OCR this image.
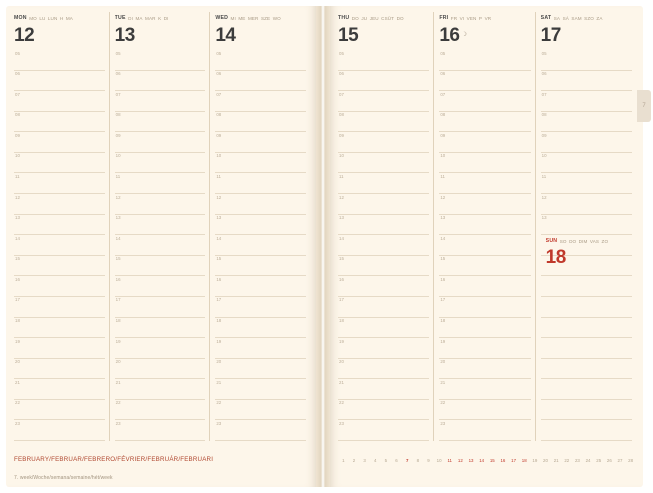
7
MON MO LU LUN H MA
12
05
06
07
08
09
10
11
12
13
14
15
16
17
18
19
20
21
22
23
TUE DI MA MAR K DI
13
05
06
07
08
09
10
11
12
13
14
15
16
17
18
19
20
21
22
23
WED MI ME MER SZE WO
14
05
06
07
08
09
10
11
12
13
14
15
16
17
18
19
20
21
22
23
FEBRUARY/FEBRUAR/FEBRERO/FÉVRIER/FEBRUÁR/FEBRUARI
7. week/Woche/semana/semaine/hét/week
THU DO JU JEU CSÜT DO
15
05
06
07
08
09
10
11
12
13
14
15
16
17
18
19
20
21
22
23
FRI FR VI VEN P VR
16 ☽
05
06
07
08
09
10
11
12
13
14
15
16
17
18
19
20
21
22
23
SAT SA SÁ SAM SZO ZA
17
05
06
07
08
09
10
11
12
13
SUN SO DO DIM VAS ZO
18
1	2	3	4	5	6	7	8	9	10	11	12	13	14	15	16	17	18	19	20	21	22	23	24	25	26	27	28
